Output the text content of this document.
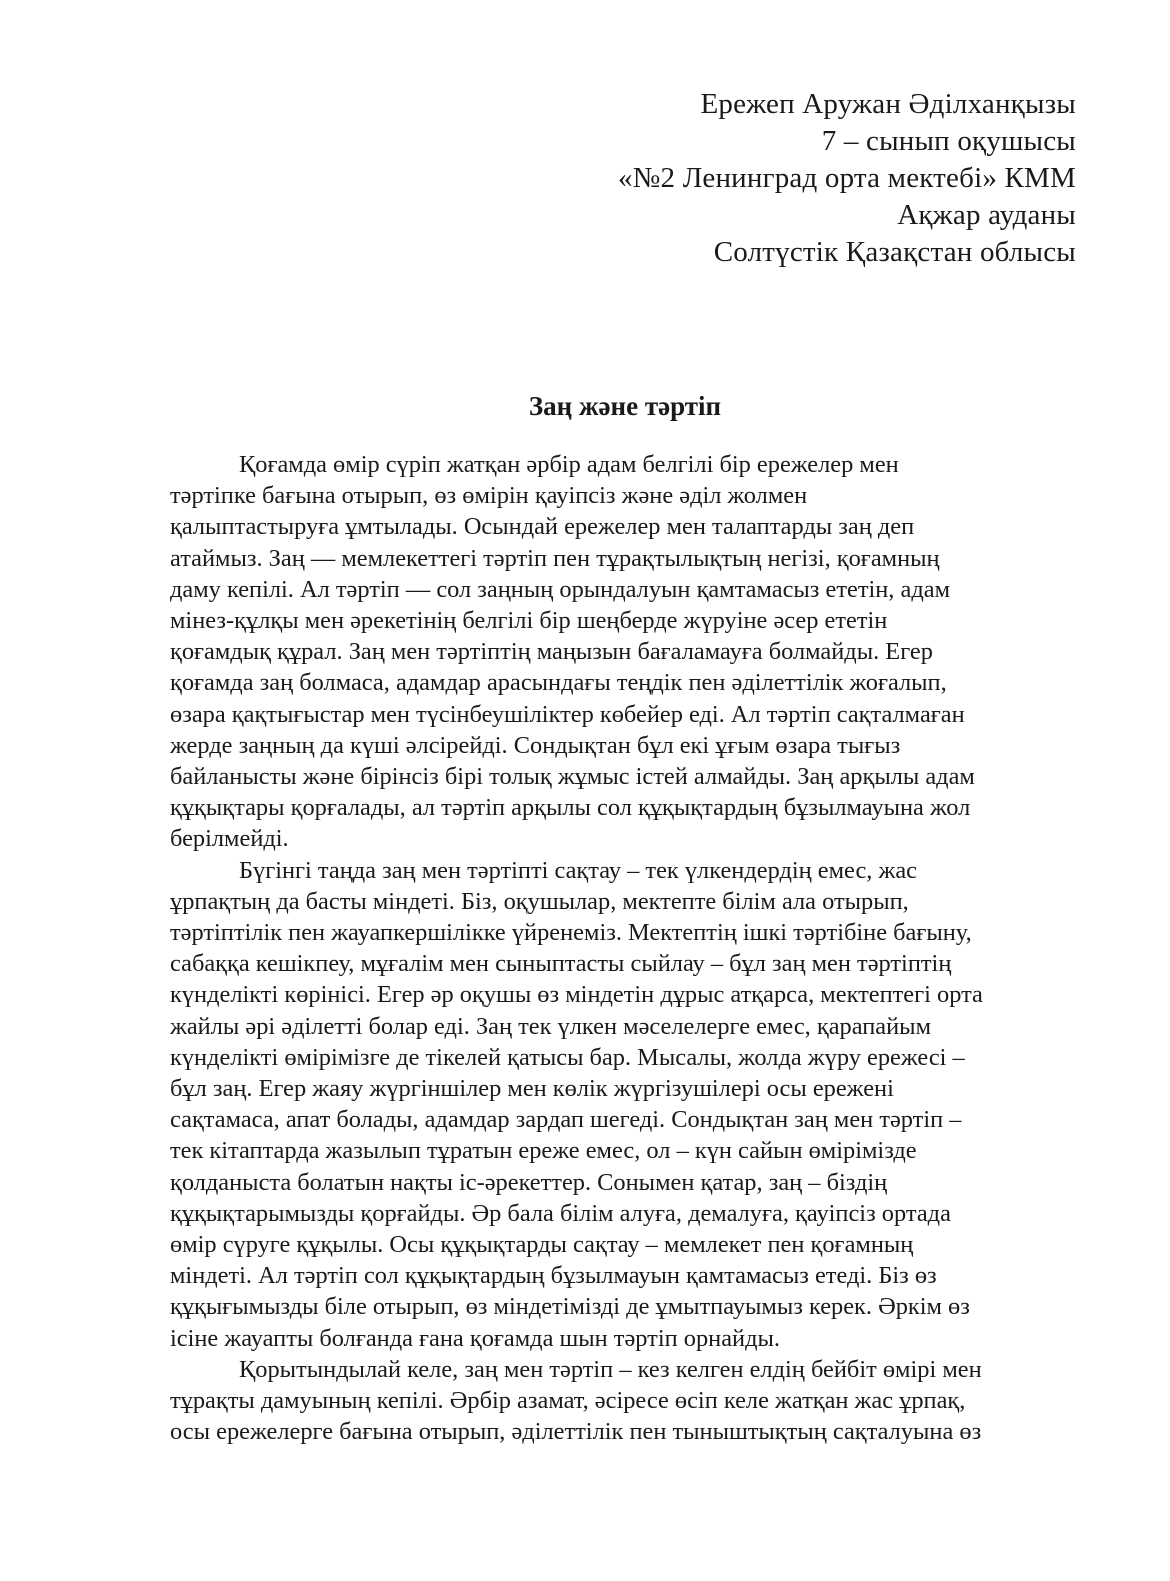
Ережеп Аружан Әділханқызы
7 – сынып оқушысы
«№2 Ленинград орта мектебі» КММ
Ақжар ауданы
Солтүстік Қазақстан облысы
Заң және тәртіп
Қоғамда өмір сүріп жатқан әрбір адам белгілі бір ережелер мен
тәртіпке бағына отырып, өз өмірін қауіпсіз және әділ жолмен
қалыптастыруға ұмтылады. Осындай ережелер мен талаптарды заң деп
атаймыз. Заң — мемлекеттегі тәртіп пен тұрақтылықтың негізі, қоғамның
даму кепілі. Ал тәртіп — сол заңның орындалуын қамтамасыз ететін, адам
мінез-құлқы мен әрекетінің белгілі бір шеңберде жүруіне әсер ететін
қоғамдық құрал. Заң мен тәртіптің маңызын бағаламауға болмайды. Егер
қоғамда заң болмаса, адамдар арасындағы теңдік пен әділеттілік жоғалып,
өзара қақтығыстар мен түсінбеушіліктер көбейер еді. Ал тәртіп сақталмаған
жерде заңның да күші әлсірейді. Сондықтан бұл екі ұғым өзара тығыз
байланысты және бірінсіз бірі толық жұмыс істей алмайды. Заң арқылы адам
құқықтары қорғалады, ал тәртіп арқылы сол құқықтардың бұзылмауына жол
берілмейді.
Бүгінгі таңда заң мен тәртіпті сақтау – тек үлкендердің емес, жас
ұрпақтың да басты міндеті. Біз, оқушылар, мектепте білім ала отырып,
тәртіптілік пен жауапкершілікке үйренеміз. Мектептің ішкі тәртібіне бағыну,
сабаққа кешікпеу, мұғалім мен сыныптасты сыйлау – бұл заң мен тәртіптің
күнделікті көрінісі. Егер әр оқушы өз міндетін дұрыс атқарса, мектептегі орта
жайлы әрі әділетті болар еді. Заң тек үлкен мәселелерге емес, қарапайым
күнделікті өмірімізге де тікелей қатысы бар. Мысалы, жолда жүру ережесі –
бұл заң. Егер жаяу жүргіншілер мен көлік жүргізушілері осы ережені
сақтамаса, апат болады, адамдар зардап шегеді. Сондықтан заң мен тәртіп –
тек кітаптарда жазылып тұратын ереже емес, ол – күн сайын өмірімізде
қолданыста болатын нақты іс-әрекеттер. Сонымен қатар, заң – біздің
құқықтарымызды қорғайды. Әр бала білім алуға, демалуға, қауіпсіз ортада
өмір сүруге құқылы. Осы құқықтарды сақтау – мемлекет пен қоғамның
міндеті. Ал тәртіп сол құқықтардың бұзылмауын қамтамасыз етеді. Біз өз
құқығымызды біле отырып, өз міндетімізді де ұмытпауымыз керек. Әркім өз
ісіне жауапты болғанда ғана қоғамда шын тәртіп орнайды.
Қорытындылай келе, заң мен тәртіп – кез келген елдің бейбіт өмірі мен
тұрақты дамуының кепілі. Әрбір азамат, әсіресе өсіп келе жатқан жас ұрпақ,
осы ережелерге бағына отырып, әділеттілік пен тыныштықтың сақталуына өз
